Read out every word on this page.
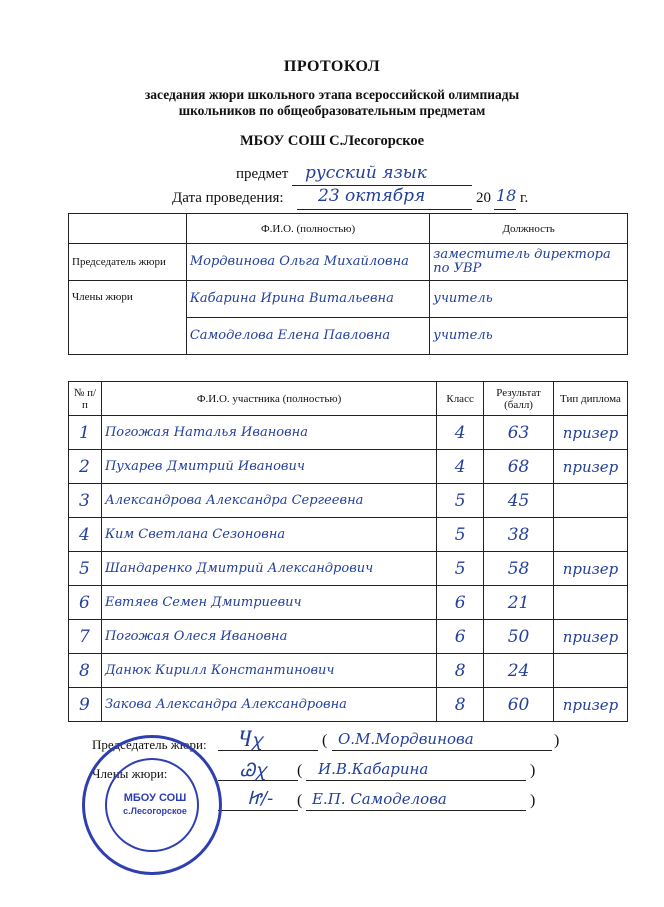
ПРОТОКОЛ
заседания жюри школьного этапа всероссийской олимпиады
школьников по общеобразовательным предметам
МБОУ СОШ С.Лесогорское
предмет русский язык
Дата проведения: 23 октября	20 18 г.
	Ф.И.О. (полностью)	Должность
Председатель жюри	Мордвинова Ольга Михайловна	заместитель директора по УВР
Члены жюри	Кабарина Ирина Витальевна	учитель
	Самоделова Елена Павловна	учитель
№ п/п	Ф.И.О. участника (полностью)	Класс	Результат (балл)	Тип диплома
1	Погожая Наталья Ивановна	4	63	призер
2	Пухарев Дмитрий Иванович	4	68	призер
3	Александрова Александра Сергеевна	5	45	
4	Ким Светлана Сезоновна	5	38	
5	Шандаренко Дмитрий Александрович	5	58	призер
6	Евтяев Семен Дмитриевич	6	21	
7	Погожая Олеся Ивановна	6	50	призер
8	Данюк Кирилл Константинович	8	24	
9	Закова Александра Александровна	8	60	призер
Председатель жюри:
Члены жюри:
Ⴗꭓ	( О.М.Мордвинова	)
Ꮚꭓ ( И.В.Кабарина	)
Ꮵ/- ( Е.П. Самоделова	)
МБОУ СОШ
с.Лесогорское
